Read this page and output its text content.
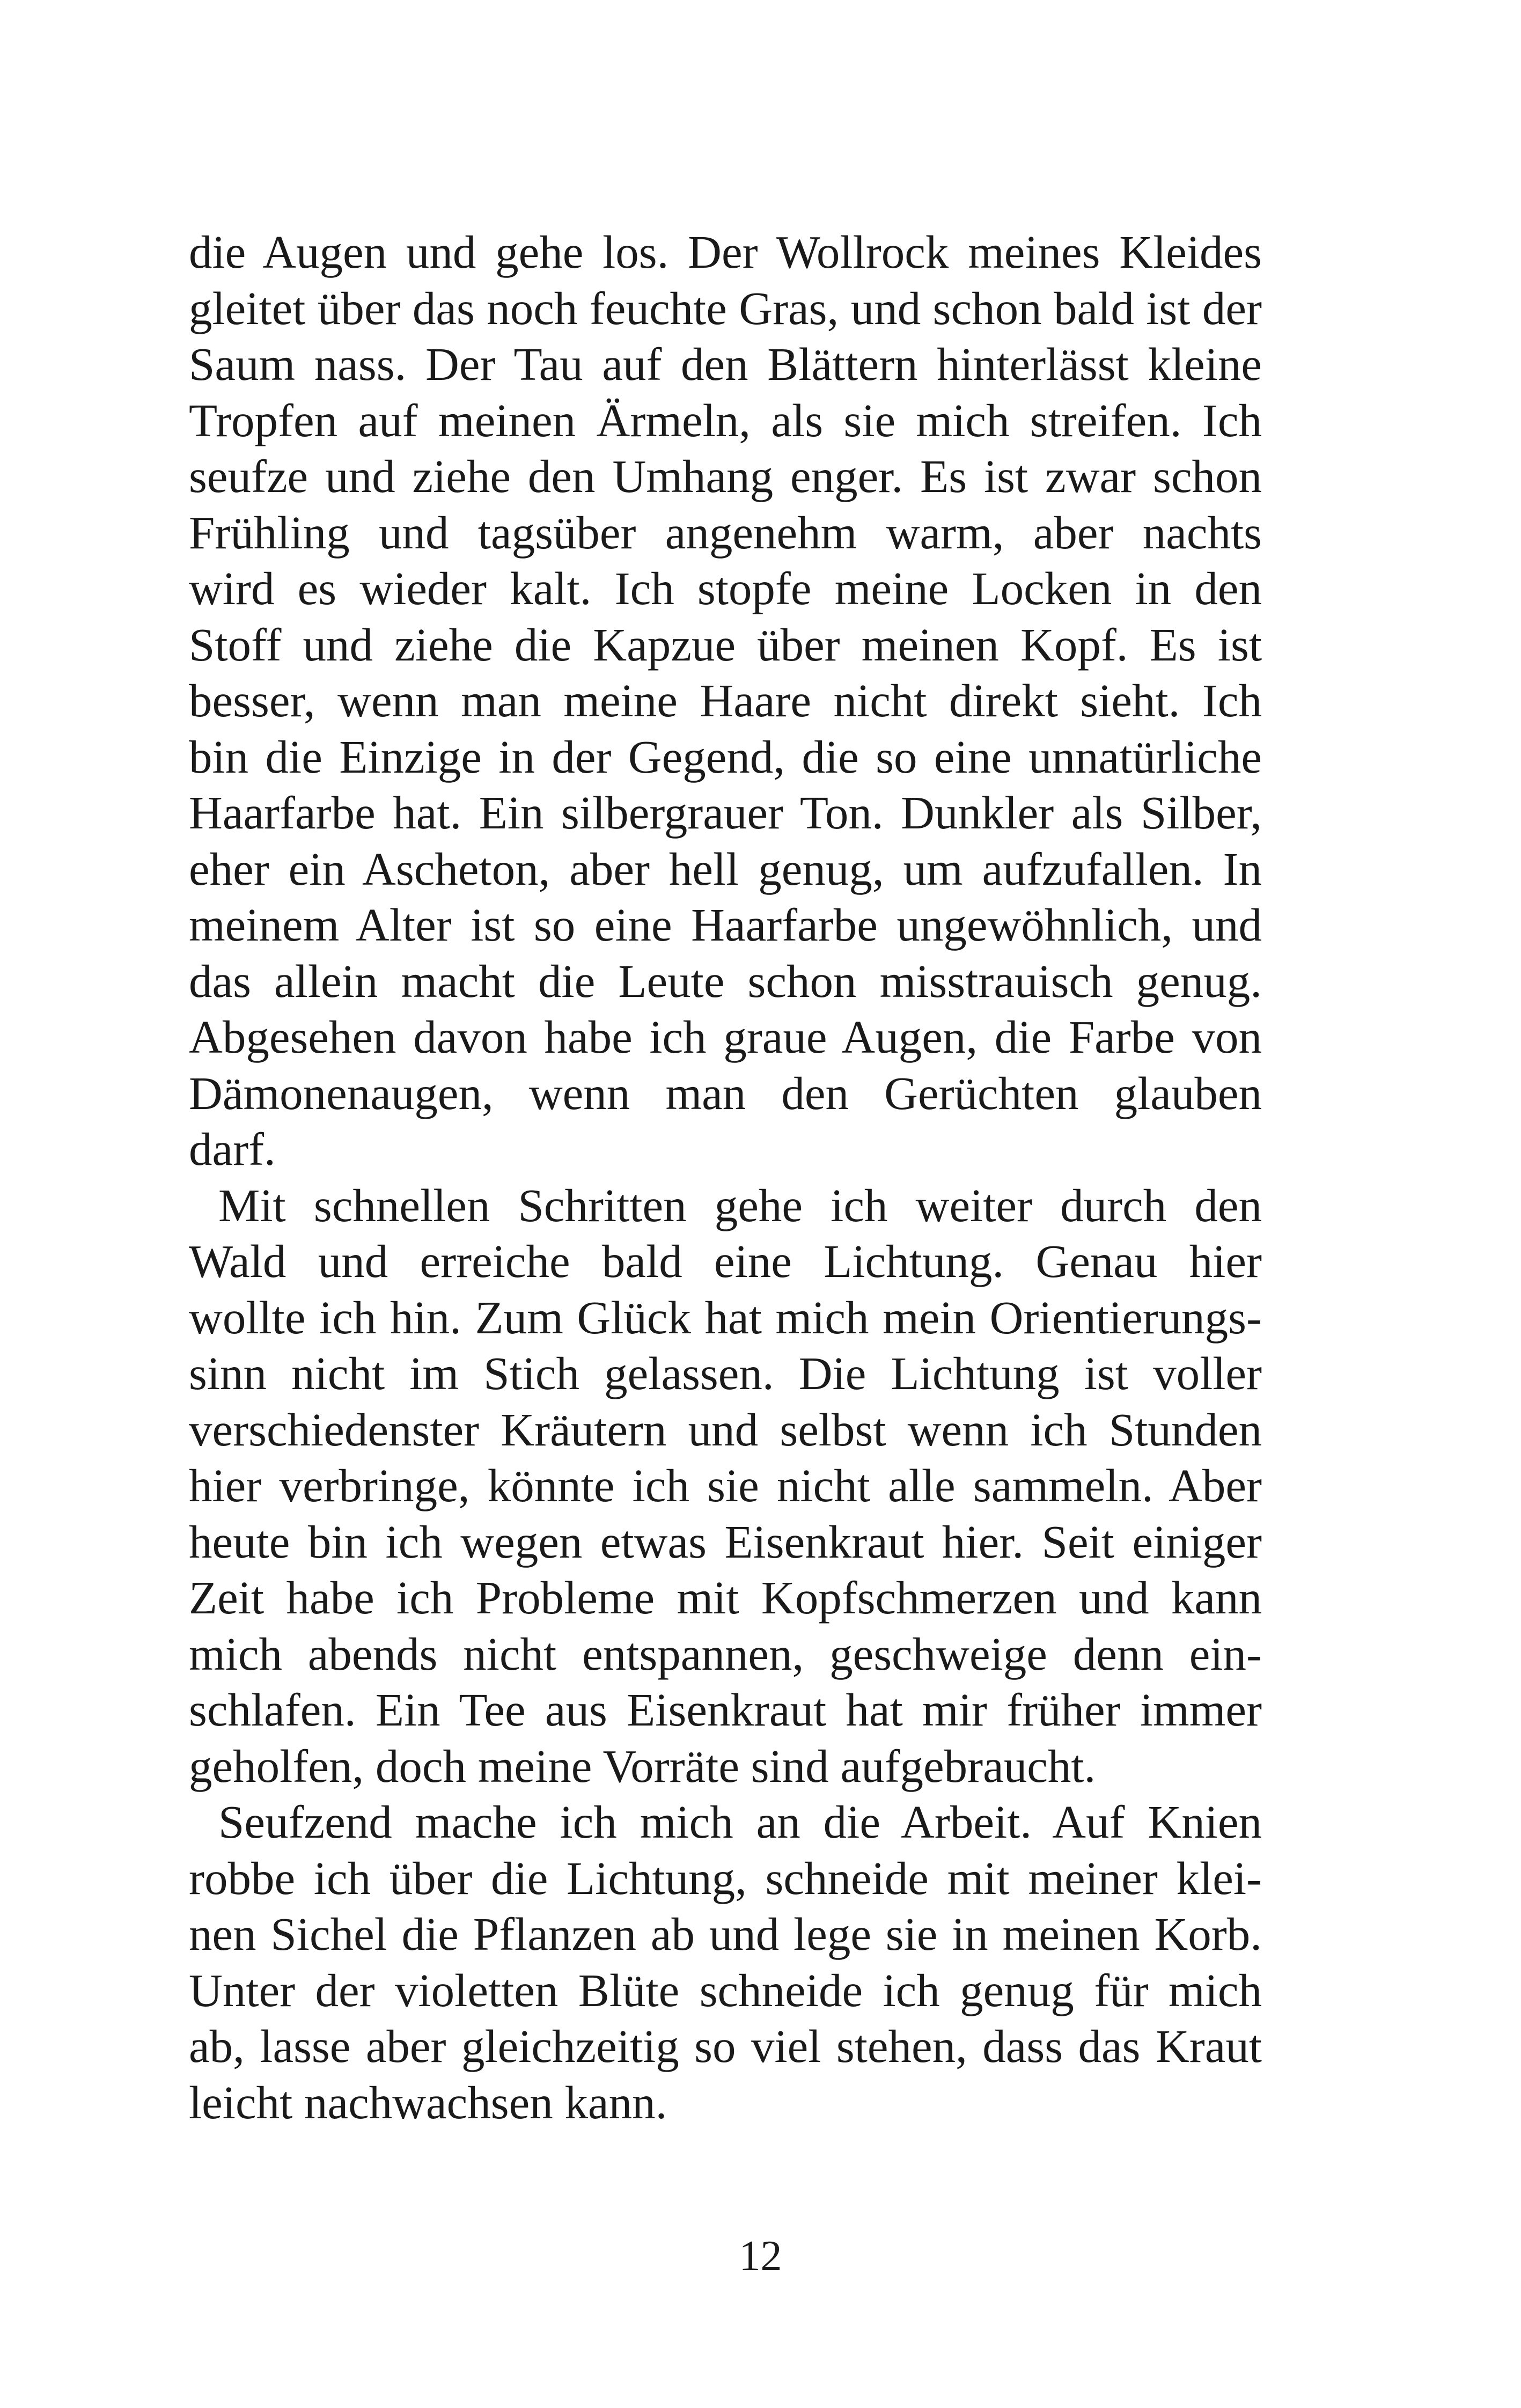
die Augen und gehe los. Der Wollrock meines Kleides
gleitet über das noch feuchte Gras, und schon bald ist der
Saum nass. Der Tau auf den Blättern hinterlässt kleine
Tropfen auf meinen Ärmeln, als sie mich streifen. Ich
seufze und ziehe den Umhang enger. Es ist zwar schon
Frühling und tagsüber angenehm warm, aber nachts
wird es wieder kalt. Ich stopfe meine Locken in den
Stoff und ziehe die Kapzue über meinen Kopf. Es ist
besser, wenn man meine Haare nicht direkt sieht. Ich
bin die Einzige in der Gegend, die so eine unnatürliche
Haarfarbe hat. Ein silbergrauer Ton. Dunkler als Silber,
eher ein Ascheton, aber hell genug, um aufzufallen. In
meinem Alter ist so eine Haarfarbe ungewöhnlich, und
das allein macht die Leute schon misstrauisch genug.
Abgesehen davon habe ich graue Augen, die Farbe von
Dämonenaugen, wenn man den Gerüchten glauben
darf.
Mit schnellen Schritten gehe ich weiter durch den
Wald und erreiche bald eine Lichtung. Genau hier
wollte ich hin. Zum Glück hat mich mein Orientierungs-
sinn nicht im Stich gelassen. Die Lichtung ist voller
verschiedenster Kräutern und selbst wenn ich Stunden
hier verbringe, könnte ich sie nicht alle sammeln. Aber
heute bin ich wegen etwas Eisenkraut hier. Seit einiger
Zeit habe ich Probleme mit Kopfschmerzen und kann
mich abends nicht entspannen, geschweige denn ein-
schlafen. Ein Tee aus Eisenkraut hat mir früher immer
geholfen, doch meine Vorräte sind aufgebraucht.
Seufzend mache ich mich an die Arbeit. Auf Knien
robbe ich über die Lichtung, schneide mit meiner klei-
nen Sichel die Pflanzen ab und lege sie in meinen Korb.
Unter der violetten Blüte schneide ich genug für mich
ab, lasse aber gleichzeitig so viel stehen, dass das Kraut
leicht nachwachsen kann.
12
